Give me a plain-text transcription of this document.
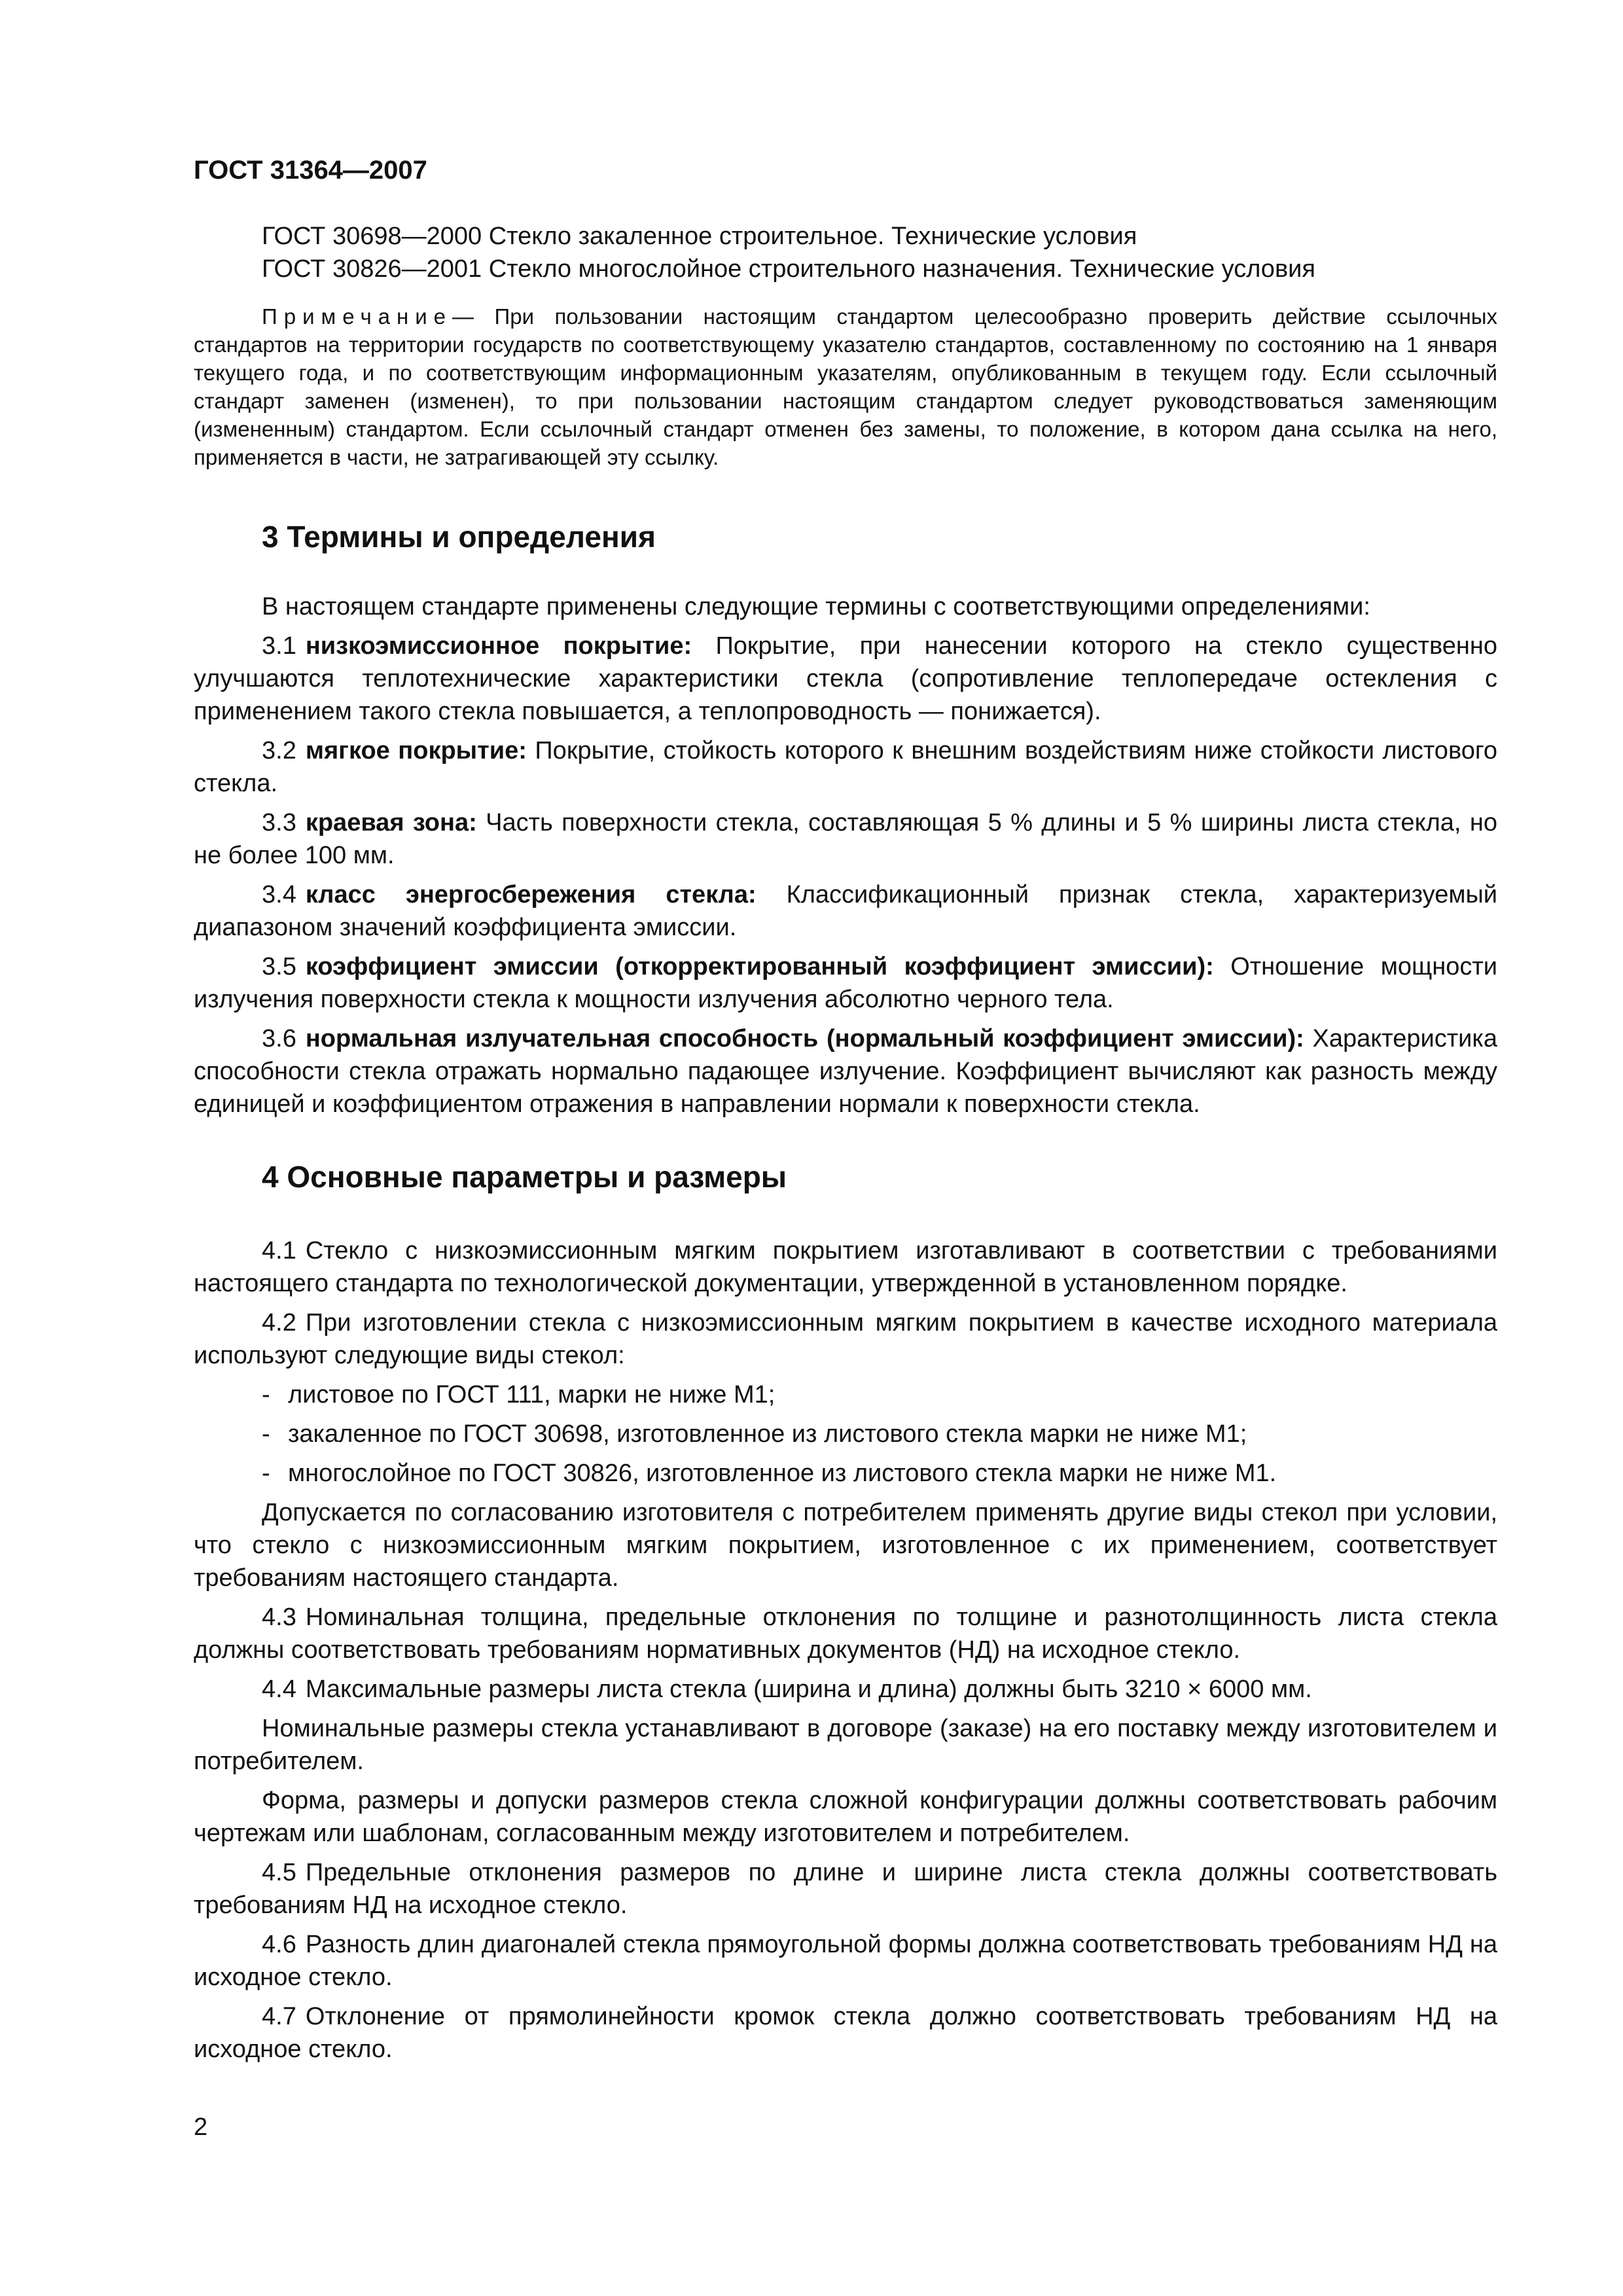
ГОСТ 31364—2007

ГОСТ 30698—2000 Стекло закаленное строительное. Технические условия

ГОСТ 30826—2001 Стекло многослойное строительного назначения. Технические условия

Примечание— При пользовании настоящим стандартом целесообразно проверить действие ссылочных стандартов на территории государств по соответствующему указателю стандартов, составленному по состоянию на 1 января текущего года, и по соответствующим информационным указателям, опубликованным в текущем году. Если ссылочный стандарт заменен (изменен), то при пользовании настоящим стандартом следует руководствоваться заменяющим (измененным) стандартом. Если ссылочный стандарт отменен без замены, то положение, в котором дана ссылка на него, применяется в части, не затрагивающей эту ссылку.

3 Термины и определения

В настоящем стандарте применены следующие термины с соответствующими определениями:

3.1 низкоэмиссионное покрытие: Покрытие, при нанесении которого на стекло существенно улучшаются теплотехнические характеристики стекла (сопротивление теплопередаче остекления с применением такого стекла повышается, а теплопроводность — понижается).

3.2 мягкое покрытие: Покрытие, стойкость которого к внешним воздействиям ниже стойкости листового стекла.

3.3 краевая зона: Часть поверхности стекла, составляющая 5 % длины и 5 % ширины листа стекла, но не более 100 мм.

3.4 класс энергосбережения стекла: Классификационный признак стекла, характеризуемый диапазоном значений коэффициента эмиссии.

3.5 коэффициент эмиссии (откорректированный коэффициент эмиссии): Отношение мощности излучения поверхности стекла к мощности излучения абсолютно черного тела.

3.6 нормальная излучательная способность (нормальный коэффициент эмиссии): Характеристика способности стекла отражать нормально падающее излучение. Коэффициент вычисляют как разность между единицей и коэффициентом отражения в направлении нормали к поверхности стекла.

4 Основные параметры и размеры

4.1 Стекло с низкоэмиссионным мягким покрытием изготавливают в соответствии с требованиями настоящего стандарта по технологической документации, утвержденной в установленном порядке.

4.2 При изготовлении стекла с низкоэмиссионным мягким покрытием в качестве исходного материала используют следующие виды стекол:

- листовое по ГОСТ 111, марки не ниже М1;

- закаленное по ГОСТ 30698, изготовленное из листового стекла марки не ниже М1;

- многослойное по ГОСТ 30826, изготовленное из листового стекла марки не ниже М1.

Допускается по согласованию изготовителя с потребителем применять другие виды стекол при условии, что стекло с низкоэмиссионным мягким покрытием, изготовленное с их применением, соответствует требованиям настоящего стандарта.

4.3 Номинальная толщина, предельные отклонения по толщине и разнотолщинность листа стекла должны соответствовать требованиям нормативных документов (НД) на исходное стекло.

4.4 Максимальные размеры листа стекла (ширина и длина) должны быть 3210 × 6000 мм.

Номинальные размеры стекла устанавливают в договоре (заказе) на его поставку между изготовителем и потребителем.

Форма, размеры и допуски размеров стекла сложной конфигурации должны соответствовать рабочим чертежам или шаблонам, согласованным между изготовителем и потребителем.

4.5 Предельные отклонения размеров по длине и ширине листа стекла должны соответствовать требованиям НД на исходное стекло.

4.6 Разность длин диагоналей стекла прямоугольной формы должна соответствовать требованиям НД на исходное стекло.

4.7 Отклонение от прямолинейности кромок стекла должно соответствовать требованиям НД на исходное стекло.

2
